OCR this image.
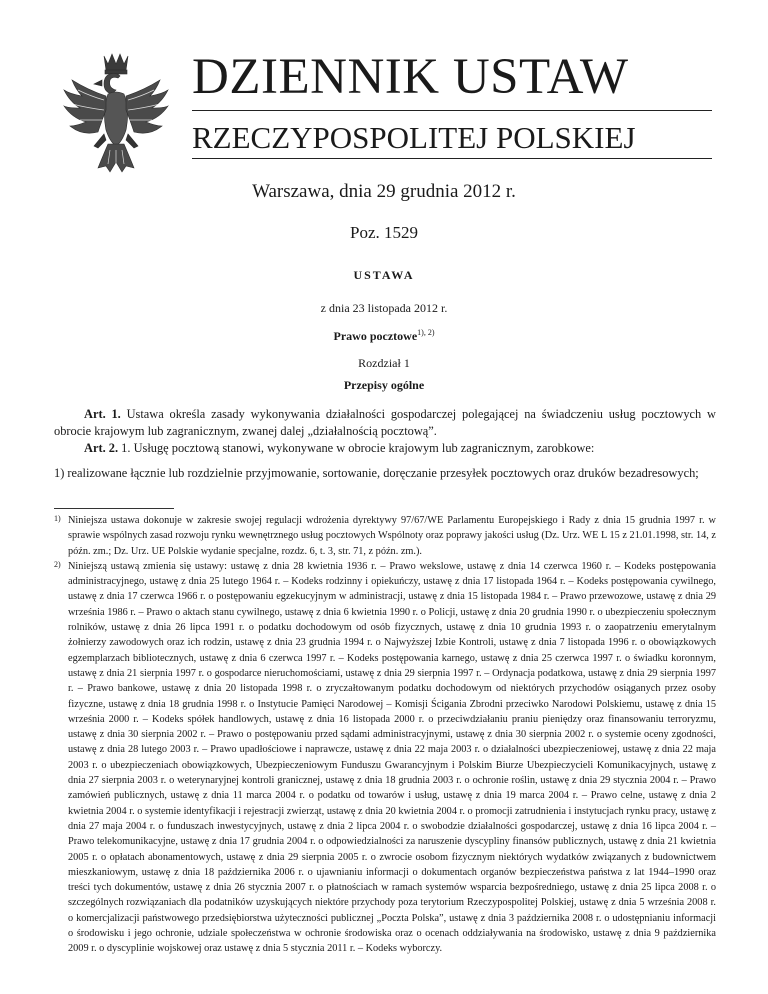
DZIENNIK USTAW
RZECZYPOSPOLITEJ POLSKIEJ
Warszawa, dnia 29 grudnia 2012 r.
Poz. 1529
USTAWA
z dnia 23 listopada 2012 r.
Prawo pocztowe$^{1), 2)}$
Rozdział 1
Przepisy ogólne
Art. 1. Ustawa określa zasady wykonywania działalności gospodarczej polegającej na świadczeniu usług pocztowych w obrocie krajowym lub zagranicznym, zwanej dalej „działalnością pocztową”.
Art. 2. 1. Usługę pocztową stanowi, wykonywane w obrocie krajowym lub zagranicznym, zarobkowe:
1) realizowane łącznie lub rozdzielnie przyjmowanie, sortowanie, doręczanie przesyłek pocztowych oraz druków bezadresowych;
1) Niniejsza ustawa dokonuje w zakresie swojej regulacji wdrożenia dyrektywy 97/67/WE Parlamentu Europejskiego i Rady z dnia 15 grudnia 1997 r. w sprawie wspólnych zasad rozwoju rynku wewnętrznego usług pocztowych Wspólnoty oraz poprawy jakości usług (Dz. Urz. WE L 15 z 21.01.1998, str. 14, z późn. zm.; Dz. Urz. UE Polskie wydanie specjalne, rozdz. 6, t. 3, str. 71, z późn. zm.).
2) Niniejszą ustawą zmienia się ustawy: ustawę z dnia 28 kwietnia 1936 r. – Prawo wekslowe, ustawę z dnia 14 czerwca 1960 r. – Kodeks postępowania administracyjnego, ustawę z dnia 25 lutego 1964 r. – Kodeks rodzinny i opiekuńczy, ustawę z dnia 17 listopada 1964 r. – Kodeks postępowania cywilnego, ustawę z dnia 17 czerwca 1966 r. o postępowaniu egzekucyjnym w administracji, ustawę z dnia 15 listopada 1984 r. – Prawo przewozowe, ustawę z dnia 29 września 1986 r. – Prawo o aktach stanu cywilnego, ustawę z dnia 6 kwietnia 1990 r. o Policji, ustawę z dnia 20 grudnia 1990 r. o ubezpieczeniu społecznym rolników, ustawę z dnia 26 lipca 1991 r. o podatku dochodowym od osób fizycznych, ustawę z dnia 10 grudnia 1993 r. o zaopatrzeniu emerytalnym żołnierzy zawodowych oraz ich rodzin, ustawę z dnia 23 grudnia 1994 r. o Najwyższej Izbie Kontroli, ustawę z dnia 7 listopada 1996 r. o obowiązkowych egzemplarzach bibliotecznych, ustawę z dnia 6 czerwca 1997 r. – Kodeks postępowania karnego, ustawę z dnia 25 czerwca 1997 r. o świadku koronnym, ustawę z dnia 21 sierpnia 1997 r. o gospodarce nieruchomościami, ustawę z dnia 29 sierpnia 1997 r. – Ordynacja podatkowa, ustawę z dnia 29 sierpnia 1997 r. – Prawo bankowe, ustawę z dnia 20 listopada 1998 r. o zryczałtowanym podatku dochodowym od niektórych przychodów osiąganych przez osoby fizyczne, ustawę z dnia 18 grudnia 1998 r. o Instytucie Pamięci Narodowej – Komisji Ścigania Zbrodni przeciwko Narodowi Polskiemu, ustawę z dnia 15 września 2000 r. – Kodeks spółek handlowych, ustawę z dnia 16 listopada 2000 r. o przeciwdziałaniu praniu pieniędzy oraz finansowaniu terroryzmu, ustawę z dnia 30 sierpnia 2002 r. – Prawo o postępowaniu przed sądami administracyjnymi, ustawę z dnia 30 sierpnia 2002 r. o systemie oceny zgodności, ustawę z dnia 28 lutego 2003 r. – Prawo upadłościowe i naprawcze, ustawę z dnia 22 maja 2003 r. o działalności ubezpieczeniowej, ustawę z dnia 22 maja 2003 r. o ubezpieczeniach obowiązkowych, Ubezpieczeniowym Funduszu Gwarancyjnym i Polskim Biurze Ubezpieczycieli Komunikacyjnych, ustawę z dnia 27 sierpnia 2003 r. o weterynaryjnej kontroli granicznej, ustawę z dnia 18 grudnia 2003 r. o ochronie roślin, ustawę z dnia 29 stycznia 2004 r. – Prawo zamówień publicznych, ustawę z dnia 11 marca 2004 r. o podatku od towarów i usług, ustawę z dnia 19 marca 2004 r. – Prawo celne, ustawę z dnia 2 kwietnia 2004 r. o systemie identyfikacji i rejestracji zwierząt, ustawę z dnia 20 kwietnia 2004 r. o promocji zatrudnienia i instytucjach rynku pracy, ustawę z dnia 27 maja 2004 r. o funduszach inwestycyjnych, ustawę z dnia 2 lipca 2004 r. o swobodzie działalności gospodarczej, ustawę z dnia 16 lipca 2004 r. – Prawo telekomunikacyjne, ustawę z dnia 17 grudnia 2004 r. o odpowiedzialności za naruszenie dyscypliny finansów publicznych, ustawę z dnia 21 kwietnia 2005 r. o opłatach abonamentowych, ustawę z dnia 29 sierpnia 2005 r. o zwrocie osobom fizycznym niektórych wydatków związanych z budownictwem mieszkaniowym, ustawę z dnia 18 października 2006 r. o ujawnianiu informacji o dokumentach organów bezpieczeństwa państwa z lat 1944–1990 oraz treści tych dokumentów, ustawę z dnia 26 stycznia 2007 r. o płatnościach w ramach systemów wsparcia bezpośredniego, ustawę z dnia 25 lipca 2008 r. o szczególnych rozwiązaniach dla podatników uzyskujących niektóre przychody poza terytorium Rzeczypospolitej Polskiej, ustawę z dnia 5 września 2008 r. o komercjalizacji państwowego przedsiębiorstwa użyteczności publicznej „Poczta Polska”, ustawę z dnia 3 października 2008 r. o udostępnianiu informacji o środowisku i jego ochronie, udziale społeczeństwa w ochronie środowiska oraz o ocenach oddziaływania na środowisko, ustawę z dnia 9 października 2009 r. o dyscyplinie wojskowej oraz ustawę z dnia 5 stycznia 2011 r. – Kodeks wyborczy.
